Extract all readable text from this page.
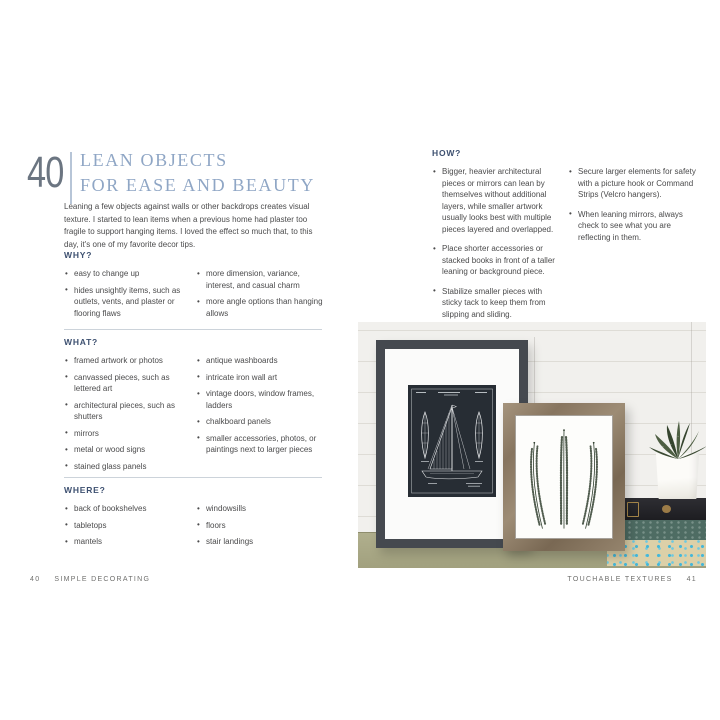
40 LEAN OBJECTS
FOR EASE AND BEAUTY

Leaning a few objects against walls or other backdrops creates visual texture. I started to lean items when a previous home had plaster too fragile to support hanging items. I loved the effect so much that, to this day, it's one of my favorite decor tips.

WHY?
• easy to change up
• hides unsightly items, such as outlets, vents, and plaster or flooring flaws
• more dimension, variance, interest, and casual charm
• more angle options than hanging allows
WHAT?
• framed artwork or photos
• canvassed pieces, such as lettered art
• architectural pieces, such as shutters
• mirrors
• metal or wood signs
• stained glass panels
• antique washboards
• intricate iron wall art
• vintage doors, window frames, ladders
• chalkboard panels
• smaller accessories, photos, or paintings next to larger pieces
WHERE?
• back of bookshelves
• tabletops
• mantels
• windowsills
• floors
• stair landings
40 SIMPLE DECORATING
HOW?
• Bigger, heavier architectural pieces or mirrors can lean by themselves without additional layers, while smaller artwork usually looks best with multiple pieces layered and overlapped.
• Place shorter accessories or stacked books in front of a taller leaning or background piece.
• Stabilize smaller pieces with sticky tack to keep them from slipping and sliding.
• Secure larger elements for safety with a picture hook or Command Strips (Velcro hangers).
• When leaning mirrors, always check to see what you are reflecting in them.
TOUCHABLE TEXTURES 41
